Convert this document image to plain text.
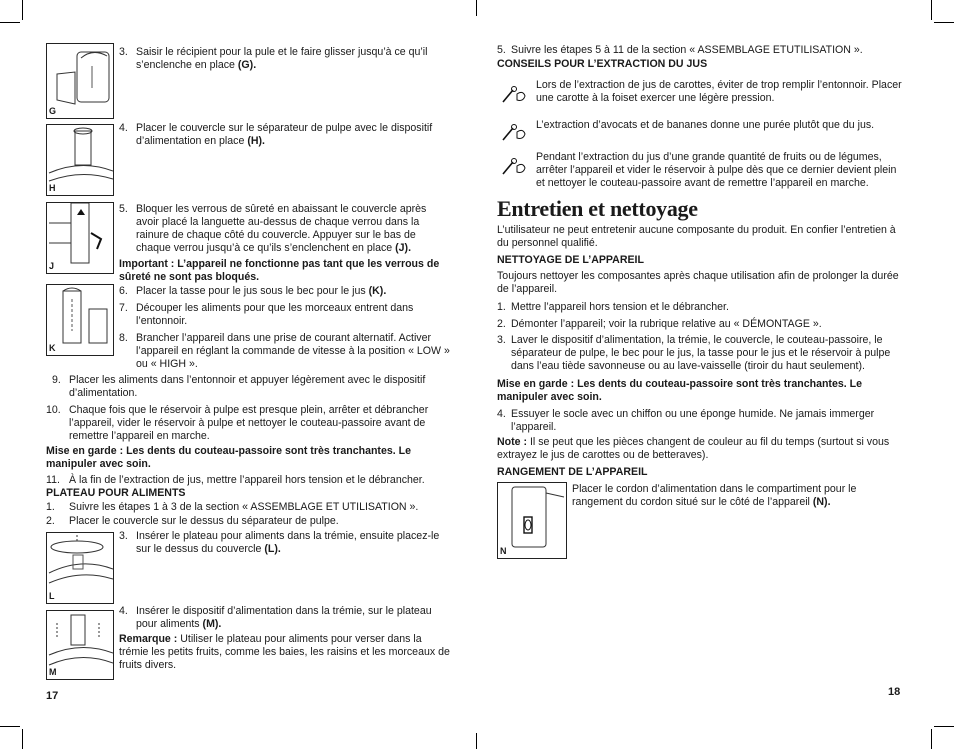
G
3. Saisir le récipient pour la pule et le faire glisser jusqu’à ce qu’il s’enclenche en place (G).
H
4. Placer le couvercle sur le séparateur de pulpe avec le dispositif d’alimentation en place (H).
J
5. Bloquer les verrous de sûreté en abaissant le couvercle après avoir placé la languette au-dessus de chaque verrou dans la rainure de chaque côté du couvercle. Appuyer sur le bas de chaque verrou jusqu’à ce qu’ils s’enclenchent en place (J).
Important : L’appareil ne fonctionne pas tant que les verrous de sûreté ne sont pas bloqués.
K
6. Placer la tasse pour le jus sous le bec pour le jus (K).
7. Découper les aliments pour que les morceaux entrent dans l’entonnoir.
8. Brancher l’appareil dans une prise de courant alternatif. Activer l’appareil en réglant la commande de vitesse à la position « LOW » ou « HIGH ».
9. Placer les aliments dans l’entonnoir et appuyer légèrement avec le dispositif d’alimentation.
10. Chaque fois que le réservoir à pulpe est presque plein, arrêter et débrancher l’appareil, vider le réservoir à pulpe et nettoyer le couteau-passoire avant de remettre l’appareil en marche.
Mise en garde : Les dents du couteau-passoire sont très tranchantes. Le manipuler avec soin.
11. À la fin de l’extraction de jus, mettre l’appareil hors tension et le débrancher.
PLATEAU POUR ALIMENTS
1.	Suivre les étapes 1 à 3 de la section « ASSEMBLAGE ET UTILISATION ».
2.	Placer le couvercle sur le dessus du séparateur de pulpe.
L
3. Insérer le plateau pour aliments dans la trémie, ensuite placez-le sur le dessus du couvercle (L).
M
4. Insérer le dispositif d’alimentation dans la trémie, sur le plateau pour aliments (M).
Remarque : Utiliser le plateau pour aliments pour verser dans la trémie les petits fruits, comme les baies, les raisins et les morceaux de fruits divers.
17
5. Suivre les étapes 5 à 11 de la section « ASSEMBLAGE ETUTILISATION ».
CONSEILS POUR L’EXTRACTION DU JUS
Lors de l’extraction de jus de carottes, éviter de trop remplir l’entonnoir. Placer une carotte à la foiset exercer une légère pression.
L’extraction d’avocats et de bananes donne une purée plutôt que du jus.
Pendant l’extraction du jus d’une grande quantité de fruits ou de légumes, arrêter l’appareil et vider le réservoir à pulpe dès que ce dernier devient plein et nettoyer le couteau-passoire avant de remettre l’appareil en marche.
Entretien et nettoyage
L’utilisateur ne peut entretenir aucune composante du produit. En confier l’entretien à du personnel qualifié.
NETTOYAGE DE L’APPAREIL
Toujours nettoyer les composantes après chaque utilisation afin de prolonger la durée de l’appareil.
1. Mettre l’appareil hors tension et le débrancher.
2. Démonter l’appareil; voir la rubrique relative au « DÉMONTAGE ».
3. Laver le dispositif d’alimentation, la trémie, le couvercle, le couteau-passoire, le séparateur de pulpe, le bec pour le jus, la tasse pour le jus et le réservoir à pulpe dans l’eau tiède savonneuse ou au lave-vaisselle (tiroir du haut seulement).
Mise en garde : Les dents du couteau-passoire sont très tranchantes. Le manipuler avec soin.
4. Essuyer le socle avec un chiffon ou une éponge humide. Ne jamais immerger l’appareil.
Note : Il se peut que les pièces changent de couleur au fil du temps (surtout si vous extrayez le jus de carottes ou de betteraves).
RANGEMENT DE L’APPAREIL
N
Placer le cordon d’alimentation dans le compartiment pour le rangement du cordon situé sur le côté de l’appareil (N).
18
